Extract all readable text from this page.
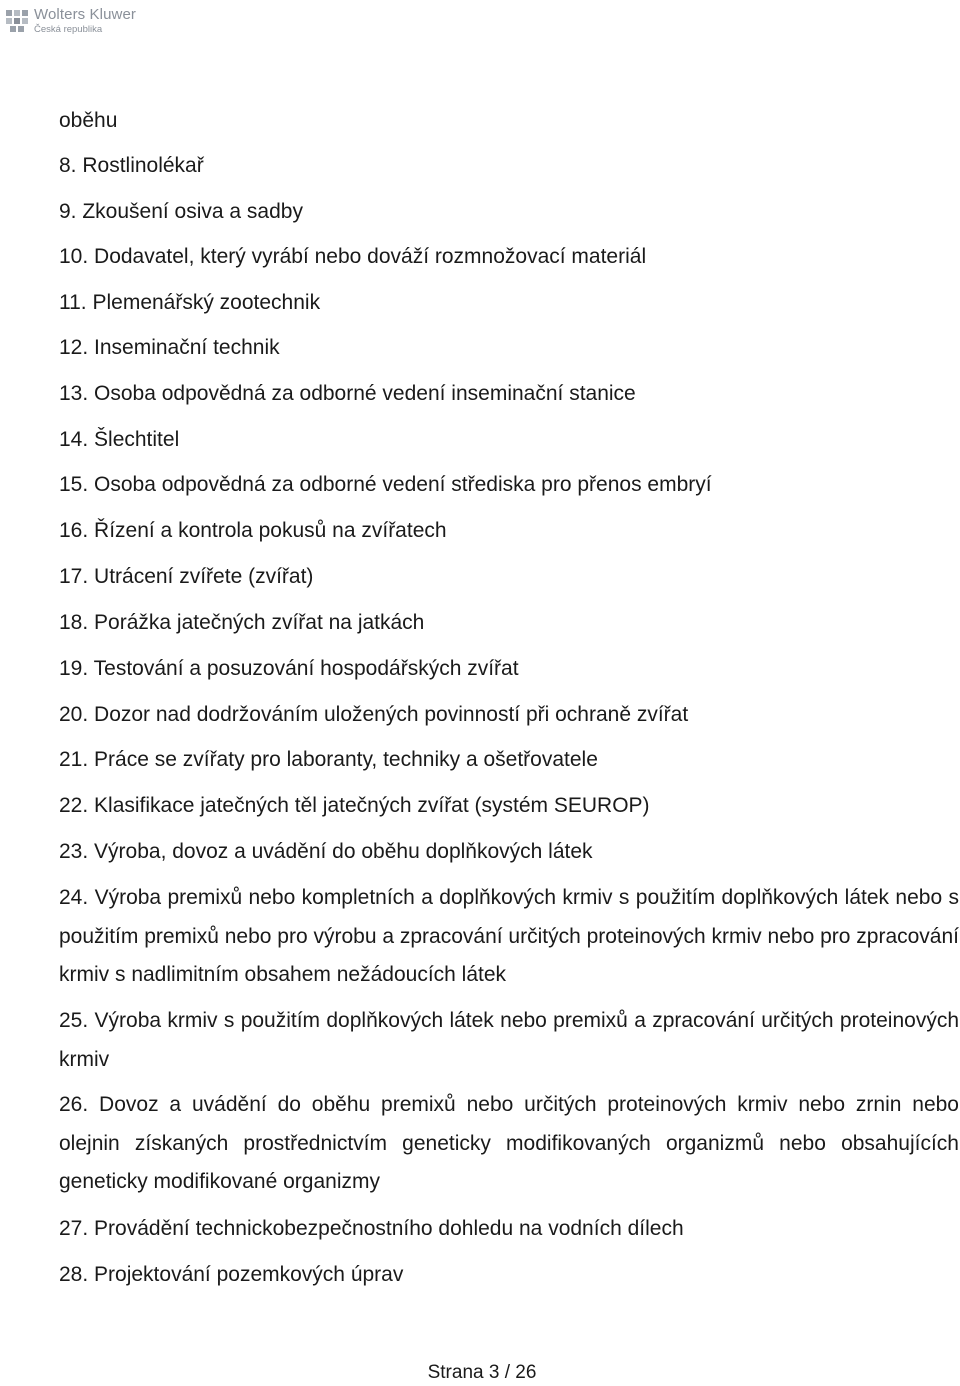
Wolters Kluwer
Česká republika
oběhu
8. Rostlinolékař
9. Zkoušení osiva a sadby
10. Dodavatel, který vyrábí nebo dováží rozmnožovací materiál
11. Plemenářský zootechnik
12. Inseminační technik
13. Osoba odpovědná za odborné vedení inseminační stanice
14. Šlechtitel
15. Osoba odpovědná za odborné vedení střediska pro přenos embryí
16. Řízení a kontrola pokusů na zvířatech
17. Utrácení zvířete (zvířat)
18. Porážka jatečných zvířat na jatkách
19. Testování a posuzování hospodářských zvířat
20. Dozor nad dodržováním uložených povinností při ochraně zvířat
21. Práce se zvířaty pro laboranty, techniky a ošetřovatele
22. Klasifikace jatečných těl jatečných zvířat (systém SEUROP)
23. Výroba, dovoz a uvádění do oběhu doplňkových látek
24. Výroba premixů nebo kompletních a doplňkových krmiv s použitím doplňkových látek nebo s použitím premixů nebo pro výrobu a zpracování určitých proteinových krmiv nebo pro zpracování krmiv s nadlimitním obsahem nežádoucích látek
25. Výroba krmiv s použitím doplňkových látek nebo premixů a zpracování určitých proteinových krmiv
26. Dovoz a uvádění do oběhu premixů nebo určitých proteinových krmiv nebo zrnin nebo olejnin získaných prostřednictvím geneticky modifikovaných organizmů nebo obsahujících geneticky modifikované organizmy
27. Provádění technickobezpečnostního dohledu na vodních dílech
28. Projektování pozemkových úprav
Strana 3 / 26
